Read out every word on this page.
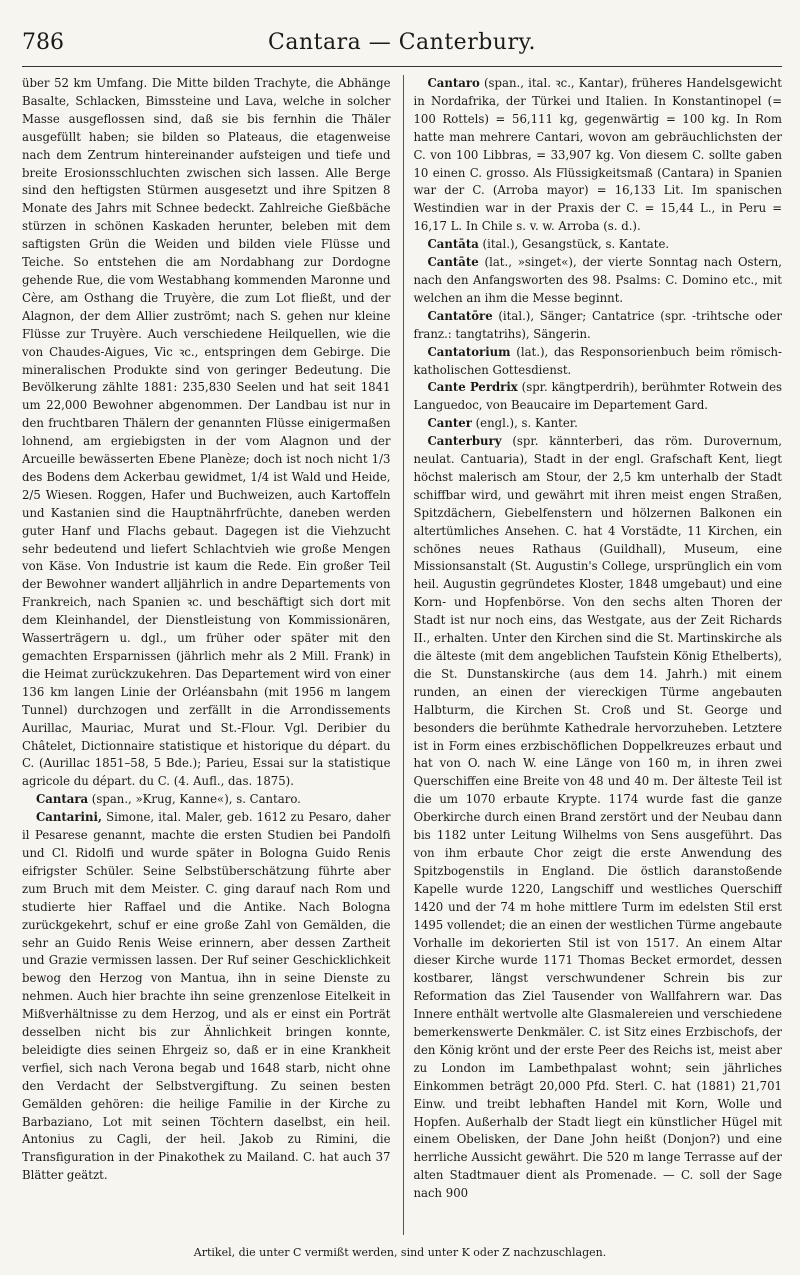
786	Cantara — Canterbury.

über 52 km Umfang. Die Mitte bilden Trachyte, die Abhänge Basalte, Schlacken, Bimssteine und Lava, welche in solcher Masse ausgeflossen sind, daß sie bis fernhin die Thäler ausgefüllt haben; sie bilden so Plateaus, die etagenweise nach dem Zentrum hintereinander aufsteigen und tiefe und breite Erosionsschluchten zwischen sich lassen. Alle Berge sind den heftigsten Stürmen ausgesetzt und ihre Spitzen 8 Monate des Jahrs mit Schnee bedeckt. Zahlreiche Gießbäche stürzen in schönen Kaskaden herunter, beleben mit dem saftigsten Grün die Weiden und bilden viele Flüsse und Teiche. So entstehen die am Nordabhang zur Dordogne gehende Rue, die vom Westabhang kommenden Maronne und Cère, am Osthang die Truyère, die zum Lot fließt, und der Alagnon, der dem Allier zuströmt; nach S. gehen nur kleine Flüsse zur Truyère. Auch verschiedene Heilquellen, wie die von Chaudes-Aigues, Vic ꝛc., entspringen dem Gebirge. Die mineralischen Produkte sind von geringer Bedeutung. Die Bevölkerung zählte 1881: 235,830 Seelen und hat seit 1841 um 22,000 Bewohner abgenommen. Der Landbau ist nur in den fruchtbaren Thälern der genannten Flüsse einigermaßen lohnend, am ergiebigsten in der vom Alagnon und der Arcueille bewässerten Ebene Planèze; doch ist noch nicht 1/3 des Bodens dem Ackerbau gewidmet, 1/4 ist Wald und Heide, 2/5 Wiesen. Roggen, Hafer und Buchweizen, auch Kartoffeln und Kastanien sind die Hauptnährfrüchte, daneben werden guter Hanf und Flachs gebaut. Dagegen ist die Viehzucht sehr bedeutend und liefert Schlachtvieh wie große Mengen von Käse. Von Industrie ist kaum die Rede. Ein großer Teil der Bewohner wandert alljährlich in andre Departements von Frankreich, nach Spanien ꝛc. und beschäftigt sich dort mit dem Kleinhandel, der Dienstleistung von Kommissionären, Wasserträgern u. dgl., um früher oder später mit den gemachten Ersparnissen (jährlich mehr als 2 Mill. Frank) in die Heimat zurückzukehren. Das Departement wird von einer 136 km langen Linie der Orléansbahn (mit 1956 m langem Tunnel) durchzogen und zerfällt in die Arrondissements Aurillac, Mauriac, Murat und St.-Flour. Vgl. Deribier du Châtelet, Dictionnaire statistique et historique du départ. du C. (Aurillac 1851–58, 5 Bde.); Parieu, Essai sur la statistique agricole du départ. du C. (4. Aufl., das. 1875).

Cantara (span., »Krug, Kanne«), s. Cantaro.

Cantarini, Simone, ital. Maler, geb. 1612 zu Pesaro, daher il Pesarese genannt, machte die ersten Studien bei Pandolfi und Cl. Ridolfi und wurde später in Bologna Guido Renis eifrigster Schüler. Seine Selbstüberschätzung führte aber zum Bruch mit dem Meister. C. ging darauf nach Rom und studierte hier Raffael und die Antike. Nach Bologna zurückgekehrt, schuf er eine große Zahl von Gemälden, die sehr an Guido Renis Weise erinnern, aber dessen Zartheit und Grazie vermissen lassen. Der Ruf seiner Geschicklichkeit bewog den Herzog von Mantua, ihn in seine Dienste zu nehmen. Auch hier brachte ihn seine grenzenlose Eitelkeit in Mißverhältnisse zu dem Herzog, und als er einst ein Porträt desselben nicht bis zur Ähnlichkeit bringen konnte, beleidigte dies seinen Ehrgeiz so, daß er in eine Krankheit verfiel, sich nach Verona begab und 1648 starb, nicht ohne den Verdacht der Selbstvergiftung. Zu seinen besten Gemälden gehören: die heilige Familie in der Kirche zu Barbaziano, Lot mit seinen Töchtern daselbst, ein heil. Antonius zu Cagli, der heil. Jakob zu Rimini, die Transfiguration in der Pinakothek zu Mailand. C. hat auch 37 Blätter geätzt.

Cantaro (span., ital. ꝛc., Kantar), früheres Handelsgewicht in Nordafrika, der Türkei und Italien. In Konstantinopel (= 100 Rottels) = 56,111 kg, gegenwärtig = 100 kg. In Rom hatte man mehrere Cantari, wovon am gebräuchlichsten der C. von 100 Libbras, = 33,907 kg. Von diesem C. sollte gaben 10 einen C. grosso. Als Flüssigkeitsmaß (Cantara) in Spanien war der C. (Arroba mayor) = 16,133 Lit. Im spanischen Westindien war in der Praxis der C. = 15,44 L., in Peru = 16,17 L. In Chile s. v. w. Arroba (s. d.).

Cantāta (ital.), Gesangstück, s. Kantate.

Cantāte (lat., »singet«), der vierte Sonntag nach Ostern, nach den Anfangsworten des 98. Psalms: C. Domino etc., mit welchen an ihm die Messe beginnt.

Cantatōre (ital.), Sänger; Cantatrice (spr. -trihtsche oder franz.: tangtatrihs), Sängerin.

Cantatorium (lat.), das Responsorienbuch beim römisch-katholischen Gottesdienst.

Cante Perdrix (spr. kängtperdrih), berühmter Rotwein des Languedoc, von Beaucaire im Departement Gard.

Canter (engl.), s. Kanter.

Canterbury (spr. kännterberi, das röm. Durovernum, neulat. Cantuaria), Stadt in der engl. Grafschaft Kent, liegt höchst malerisch am Stour, der 2,5 km unterhalb der Stadt schiffbar wird, und gewährt mit ihren meist engen Straßen, Spitzdächern, Giebelfenstern und hölzernen Balkonen ein altertümliches Ansehen. C. hat 4 Vorstädte, 11 Kirchen, ein schönes neues Rathaus (Guildhall), Museum, eine Missionsanstalt (St. Augustin's College, ursprünglich ein vom heil. Augustin gegründetes Kloster, 1848 umgebaut) und eine Korn- und Hopfenbörse. Von den sechs alten Thoren der Stadt ist nur noch eins, das Westgate, aus der Zeit Richards II., erhalten. Unter den Kirchen sind die St. Martinskirche als die älteste (mit dem angeblichen Taufstein König Ethelberts), die St. Dunstanskirche (aus dem 14. Jahrh.) mit einem runden, an einen der viereckigen Türme angebauten Halbturm, die Kirchen St. Croß und St. George und besonders die berühmte Kathedrale hervorzuheben. Letztere ist in Form eines erzbischöflichen Doppelkreuzes erbaut und hat von O. nach W. eine Länge von 160 m, in ihren zwei Querschiffen eine Breite von 48 und 40 m. Der älteste Teil ist die um 1070 erbaute Krypte. 1174 wurde fast die ganze Oberkirche durch einen Brand zerstört und der Neubau dann bis 1182 unter Leitung Wilhelms von Sens ausgeführt. Das von ihm erbaute Chor zeigt die erste Anwendung des Spitzbogenstils in England. Die östlich daranstoßende Kapelle wurde 1220, Langschiff und westliches Querschiff 1420 und der 74 m hohe mittlere Turm im edelsten Stil erst 1495 vollendet; die an einen der westlichen Türme angebaute Vorhalle im dekorierten Stil ist von 1517. An einem Altar dieser Kirche wurde 1171 Thomas Becket ermordet, dessen kostbarer, längst verschwundener Schrein bis zur Reformation das Ziel Tausender von Wallfahrern war. Das Innere enthält wertvolle alte Glasmalereien und verschiedene bemerkenswerte Denkmäler. C. ist Sitz eines Erzbischofs, der den König krönt und der erste Peer des Reichs ist, meist aber zu London im Lambethpalast wohnt; sein jährliches Einkommen beträgt 20,000 Pfd. Sterl. C. hat (1881) 21,701 Einw. und treibt lebhaften Handel mit Korn, Wolle und Hopfen. Außerhalb der Stadt liegt ein künstlicher Hügel mit einem Obelisken, der Dane John heißt (Donjon?) und eine herrliche Aussicht gewährt. Die 520 m lange Terrasse auf der alten Stadtmauer dient als Promenade. — C. soll der Sage nach 900

Artikel, die unter C vermißt werden, sind unter K oder Z nachzuschlagen.
